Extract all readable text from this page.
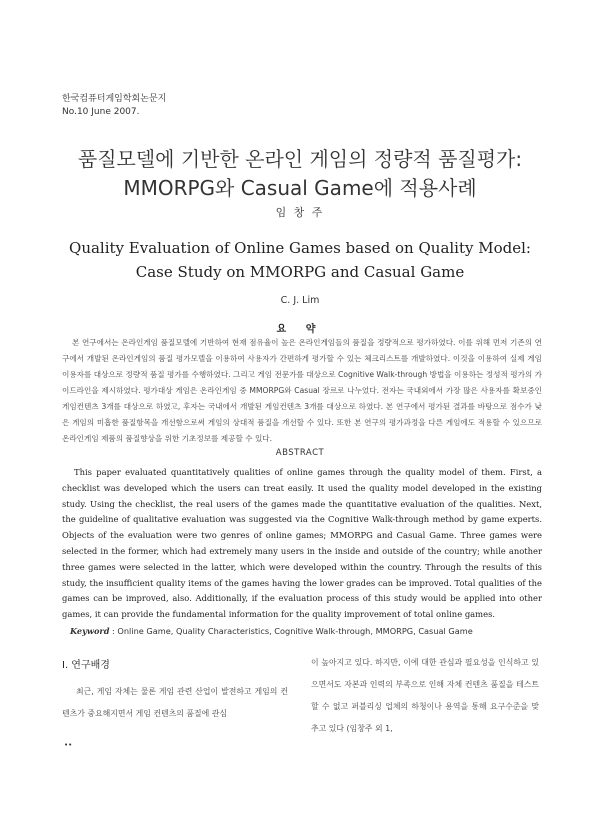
한국컴퓨터게임학회논문지
No.10 June 2007.
품질모델에 기반한 온라인 게임의 정량적 품질평가:
MMORPG와 Casual Game에 적용사례
임 창 주
Quality Evaluation of Online Games based on Quality Model:
Case Study on MMORPG and Casual Game
C. J. Lim
요 약

본 연구에서는 온라인게임 품질모델에 기반하여 현재 점유율이 높은 온라인게임들의 품질을 정량적으로 평가하였다. 이를 위해 먼저 기존의 연구에서 개발된 온라인게임의 품질 평가모델을 이용하여 사용자가 간편하게 평가할 수 있는 체크리스트를 개발하였다. 이것을 이용하여 실제 게임 이용자를 대상으로 정량적 품질 평가를 수행하였다. 그리고 게임 전문가를 대상으로 Cognitive Walk-through 방법을 이용하는 정성적 평가의 가이드라인을 제시하였다. 평가대상 게임은 온라인게임 중 MMORPG와 Casual 장르로 나누었다. 전자는 국내외에서 가장 많은 사용자를 확보중인 게임컨텐츠 3개를 대상으로 하였고, 후자는 국내에서 개발된 게임컨텐츠 3개를 대상으로 하였다. 본 연구에서 평가된 결과를 바탕으로 점수가 낮은 게임의 미흡한 품질항목을 개선함으로써 게임의 상대적 품질을 개선할 수 있다. 또한 본 연구의 평가과정을 다른 게임에도 적용할 수 있으므로 온라인게임 제품의 품질향상을 위한 기초정보를 제공할 수 있다.

ABSTRACT

This paper evaluated quantitatively qualities of online games through the quality model of them. First, a checklist was developed which the users can treat easily. It used the quality model developed in the existing study. Using the checklist, the real users of the games made the quantitative evaluation of the qualities. Next, the guideline of qualitative evaluation was suggested via the Cognitive Walk-through method by game experts. Objects of the evaluation were two genres of online games; MMORPG and Casual Game. Three games were selected in the former, which had extremely many users in the inside and outside of the country; while another three games were selected in the latter, which were developed within the country. Through the results of this study, the insufficient quality items of the games having the lower grades can be improved. Total qualities of the games can be improved, also. Additionally, if the evaluation process of this study would be applied into other games, it can provide the fundamental information for the quality improvement of total online games.

Keyword : Online Game, Quality Characteristics, Cognitive Walk-through, MMORPG, Casual Game
Ⅰ. 연구배경

최근, 게임 자체는 물론 게임 관련 산업이 발전하고 게임의 컨텐츠가 중요해지면서 게임 컨텐츠의 품질에 관심

이 높아지고 있다. 하지만, 이에 대한 관심과 필요성을 인식하고 있으면서도 자본과 인력의 부족으로 인해 자체 컨텐츠 품질을 테스트할 수 없고 퍼블리싱 업체의 하청이나 용역을 통해 요구수준을 맞추고 있다 (임창주 외 1,

••
